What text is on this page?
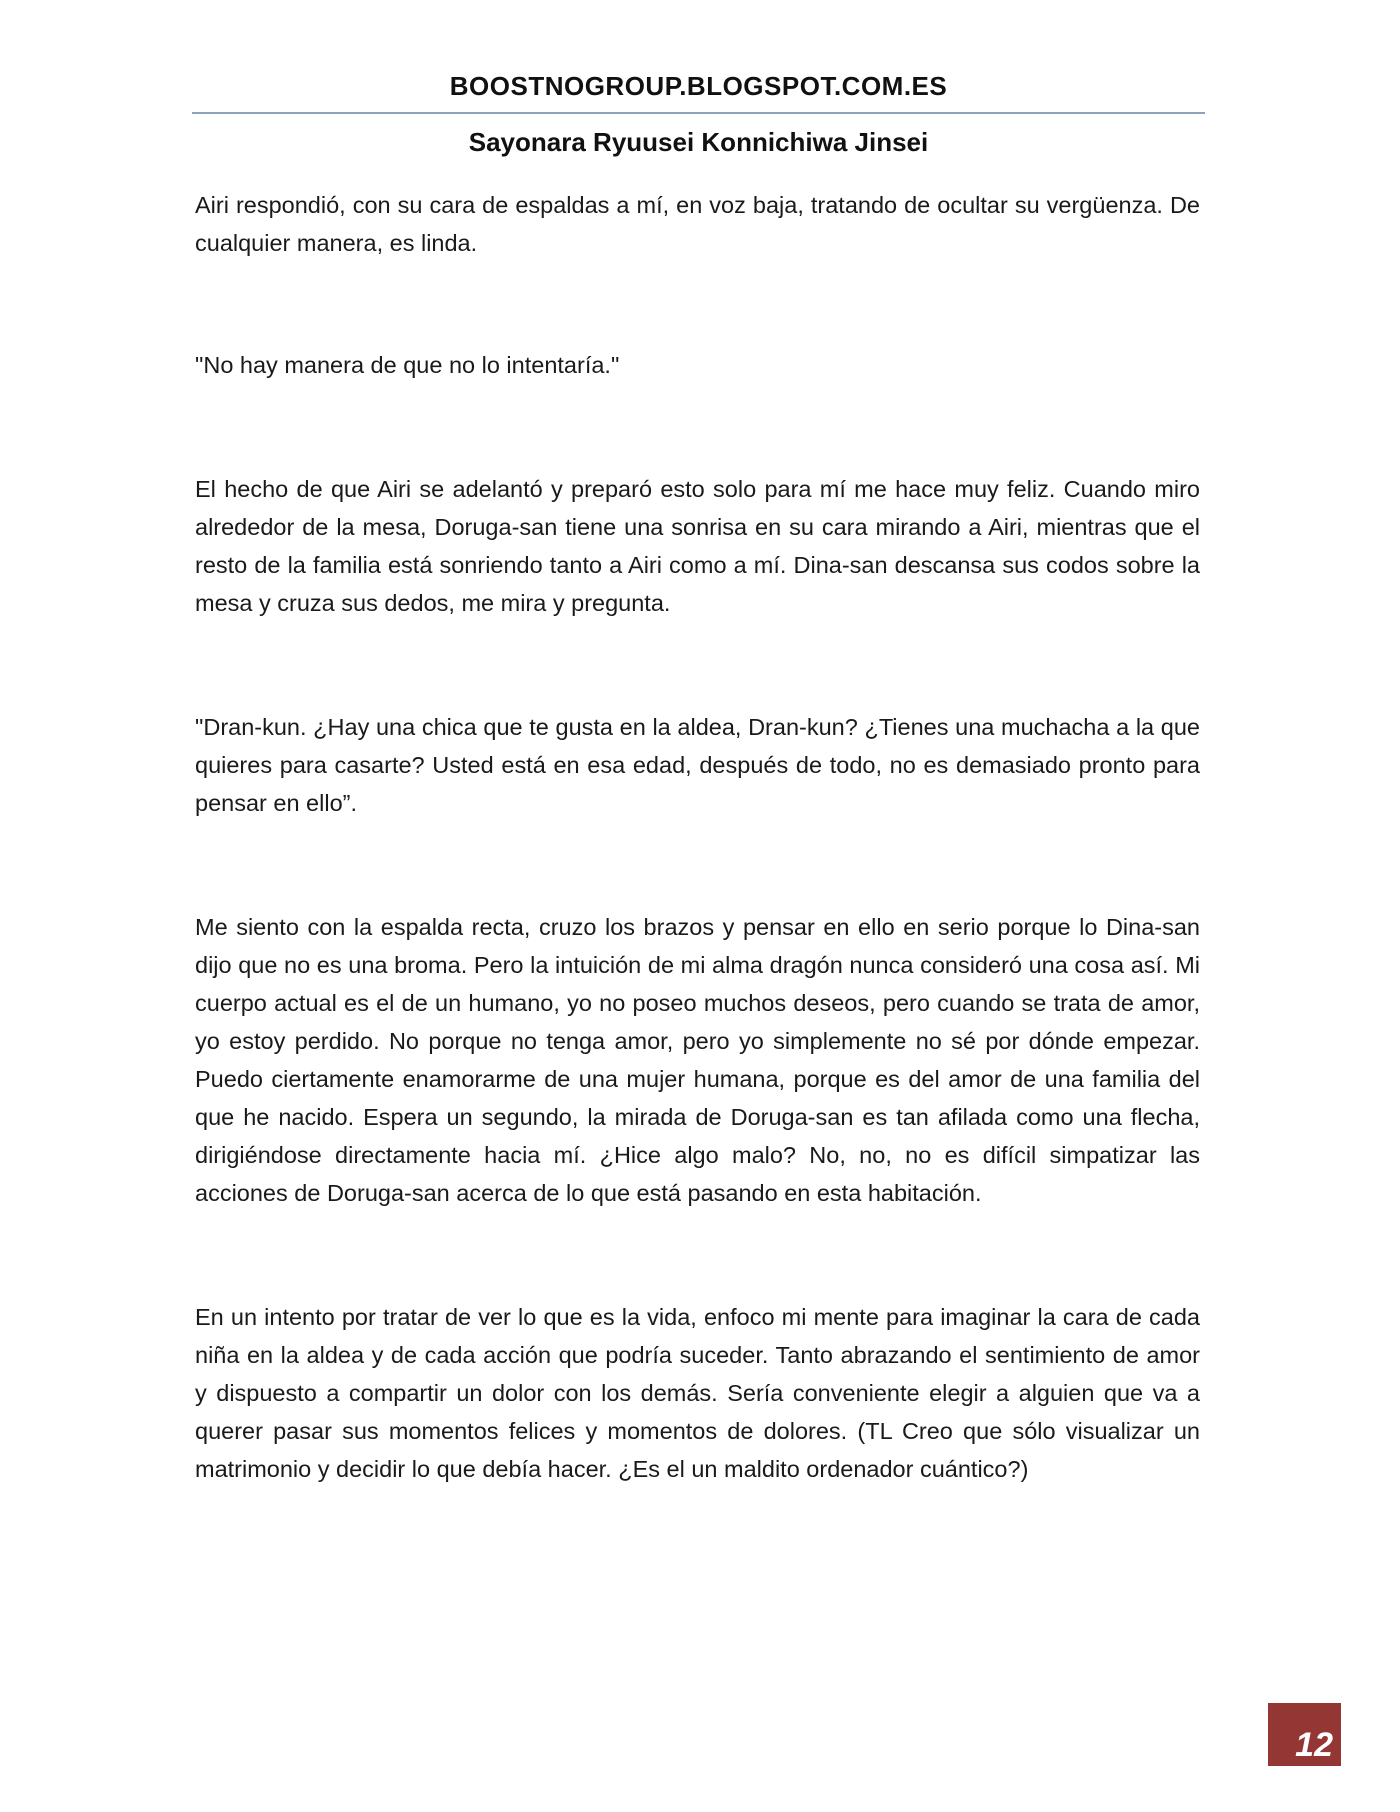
BOOSTNOGROUP.BLOGSPOT.COM.ES
Sayonara Ryuusei Konnichiwa Jinsei

Airi respondió, con su cara de espaldas a mí, en voz baja, tratando de ocultar su vergüenza. De cualquier manera, es linda.

"No hay manera de que no lo intentaría."

El hecho de que Airi se adelantó y preparó esto solo para mí me hace muy feliz. Cuando miro alrededor de la mesa, Doruga-san tiene una sonrisa en su cara mirando a Airi, mientras que el resto de la familia está sonriendo tanto a Airi como a mí. Dina-san descansa sus codos sobre la mesa y cruza sus dedos, me mira y pregunta.

"Dran-kun. ¿Hay una chica que te gusta en la aldea, Dran-kun? ¿Tienes una muchacha a la que quieres para casarte? Usted está en esa edad, después de todo, no es demasiado pronto para pensar en ello”.

Me siento con la espalda recta, cruzo los brazos y pensar en ello en serio porque lo Dina-san dijo que no es una broma. Pero la intuición de mi alma dragón nunca consideró una cosa así. Mi cuerpo actual es el de un humano, yo no poseo muchos deseos, pero cuando se trata de amor, yo estoy perdido. No porque no tenga amor, pero yo simplemente no sé por dónde empezar. Puedo ciertamente enamorarme de una mujer humana, porque es del amor de una familia del que he nacido. Espera un segundo, la mirada de Doruga-san es tan afilada como una flecha, dirigiéndose directamente hacia mí. ¿Hice algo malo? No, no, no es difícil simpatizar las acciones de Doruga-san acerca de lo que está pasando en esta habitación.

En un intento por tratar de ver lo que es la vida, enfoco mi mente para imaginar la cara de cada niña en la aldea y de cada acción que podría suceder. Tanto abrazando el sentimiento de amor y dispuesto a compartir un dolor con los demás. Sería conveniente elegir a alguien que va a querer pasar sus momentos felices y momentos de dolores. (TL Creo que sólo visualizar un matrimonio y decidir lo que debía hacer. ¿Es el un maldito ordenador cuántico?)

12
